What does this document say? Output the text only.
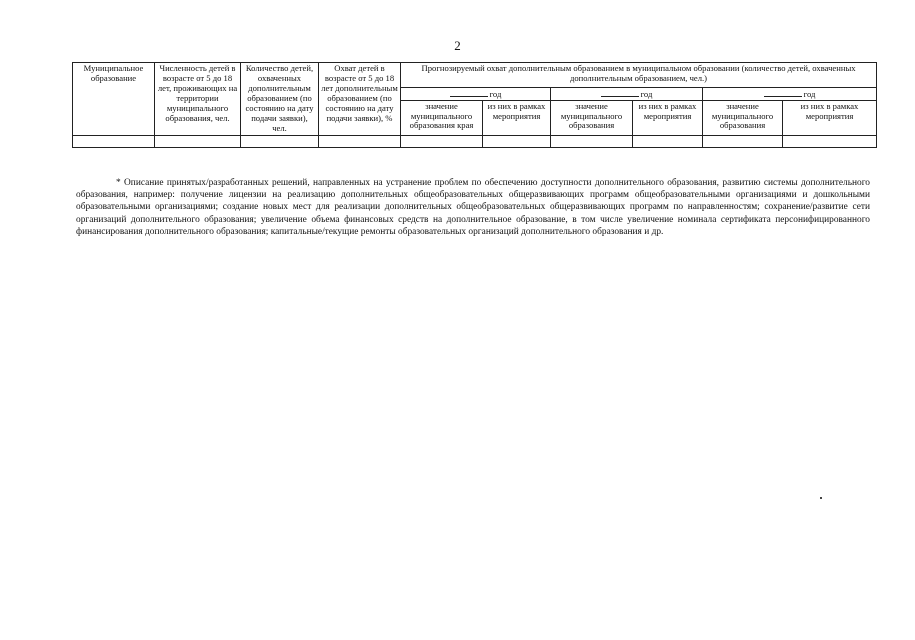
2
Муниципальное образование	Численность детей в возрасте от 5 до 18 лет, проживающих на территории муниципального образования, чел.	Количество детей, охваченных дополнительным образованием (по состоянию на дату подачи заявки), чел.	Охват детей в возрасте от 5 до 18 лет дополнительным образованием (по состоянию на дату подачи заявки), %	Прогнозируемый охват дополнительным образованием в муниципальном образовании (количество детей, охваченных дополнительным образованием, чел.)					
				год		год		год	
				значение муниципального образования края	из них в рамках мероприятия	значение муниципального образования	из них в рамках мероприятия	значение муниципального образования	из них в рамках мероприятия

* Описание принятых/разработанных решений, направленных на устранение проблем по обеспечению доступности дополнительного образования, развитию системы дополнительного образования, например: получение лицензии на реализацию дополнительных общеобразовательных общеразвивающих программ общеобразовательными организациями и дошкольными образовательными организациями; создание новых мест для реализации дополнительных общеобразовательных общеразвивающих программ по направленностям; сохранение/развитие сети организаций дополнительного образования; увеличение объема финансовых средств на дополнительное образование, в том числе увеличение номинала сертификата персонифицированного финансирования дополнительного образования; капитальные/текущие ремонты образовательных организаций дополнительного образования и др.
